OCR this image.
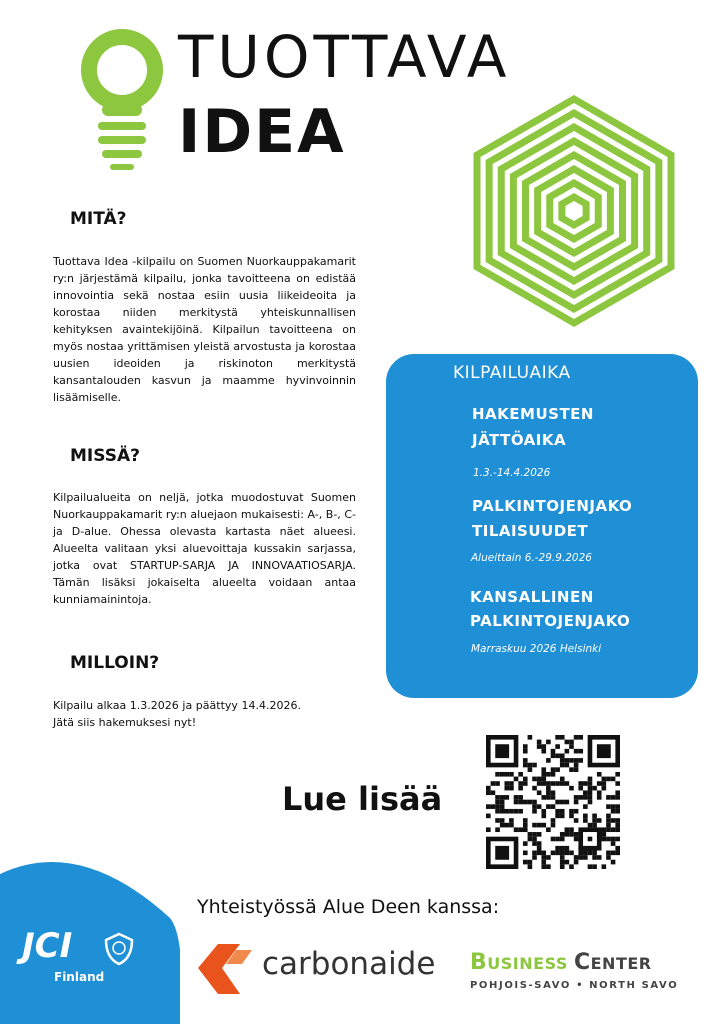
TUOTTAVA
IDEA
MITÄ?
Tuottava Idea -kilpailu on Suomen Nuorkauppakamarit ry:n järjestämä kilpailu, jonka tavoitteena on edistää innovointia sekä nostaa esiin uusia liikeideoita ja korostaa niiden merkitystä yhteiskunnallisen kehityksen avaintekijöinä. Kilpailun tavoitteena on myös nostaa yrittämisen yleistä arvostusta ja korostaa uusien ideoiden ja riskinoton merkitystä kansantalouden kasvun ja maamme hyvinvoinnin lisäämiselle.
MISSÄ?
Kilpailualueita on neljä, jotka muodostuvat Suomen Nuorkauppakamarit ry:n aluejaon mukaisesti: A-, B-, C- ja D-alue. Ohessa olevasta kartasta näet alueesi. Alueelta valitaan yksi aluevoittaja kussakin sarjassa, jotka ovat STARTUP-SARJA JA INNOVAATIOSARJA. Tämän lisäksi jokaiselta alueelta voidaan antaa kunniamainintoja.
MILLOIN?
Kilpailu alkaa 1.3.2026 ja päättyy 14.4.2026. Jätä siis hakemuksesi nyt!
KILPAILUAIKA
HAKEMUSTEN
JÄTTÖAIKA
1.3.-14.4.2026
PALKINTOJENJAKO
TILAISUUDET
Alueittain 6.-29.9.2026
KANSALLINEN
PALKINTOJENJAKO
Marraskuu 2026 Helsinki
Lue lisää
Yhteistyössä Alue Deen kanssa:
JCI
Finland	carbonaide BUSINESS CENTER
POHJOIS-SAVO • NORTH SAVO
